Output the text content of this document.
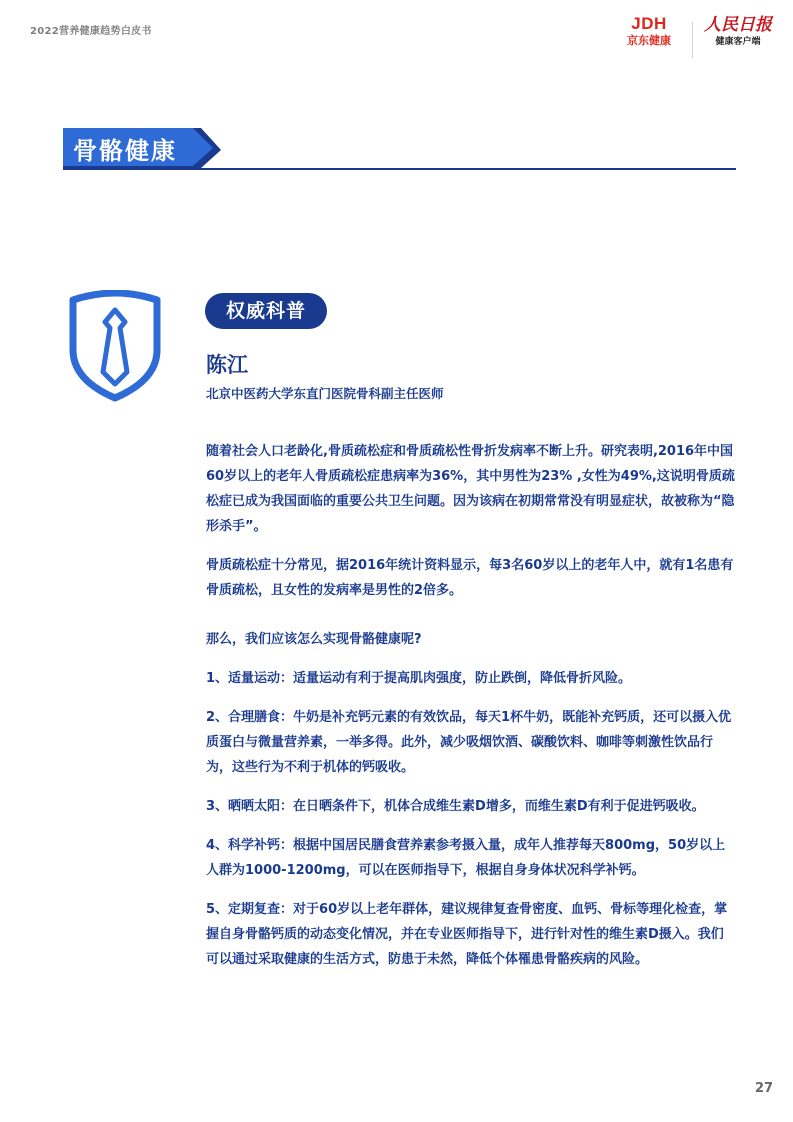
2022营养健康趋势白皮书	JDH
京东健康
人民日报
健康客户端
骨骼健康
权威科普
陈江
北京中医药大学东直门医院骨科副主任医师

随着社会人口老龄化,骨质疏松症和骨质疏松性骨折发病率不断上升。研究表明,2016年中国60岁以上的老年人骨质疏松症患病率为36%，其中男性为23% ,女性为49%,这说明骨质疏松症已成为我国面临的重要公共卫生问题。因为该病在初期常常没有明显症状，故被称为“隐形杀手”。

骨质疏松症十分常见，据2016年统计资料显示，每3名60岁以上的老年人中，就有1名患有骨质疏松，且女性的发病率是男性的2倍多。

那么，我们应该怎么实现骨骼健康呢?

1、适量运动：适量运动有利于提高肌肉强度，防止跌倒，降低骨折风险。

2、合理膳食：牛奶是补充钙元素的有效饮品，每天1杯牛奶，既能补充钙质，还可以摄入优质蛋白与微量营养素，一举多得。此外，减少吸烟饮酒、碳酸饮料、咖啡等刺激性饮品行为，这些行为不利于机体的钙吸收。

3、晒晒太阳：在日晒条件下，机体合成维生素D增多，而维生素D有利于促进钙吸收。

4、科学补钙：根据中国居民膳食营养素参考摄入量，成年人推荐每天800mg，50岁以上人群为1000-1200mg，可以在医师指导下，根据自身身体状况科学补钙。

5、定期复查：对于60岁以上老年群体，建议规律复查骨密度、血钙、骨标等理化检查，掌握自身骨骼钙质的动态变化情况，并在专业医师指导下，进行针对性的维生素D摄入。我们可以通过采取健康的生活方式，防患于未然，降低个体罹患骨骼疾病的风险。

27
